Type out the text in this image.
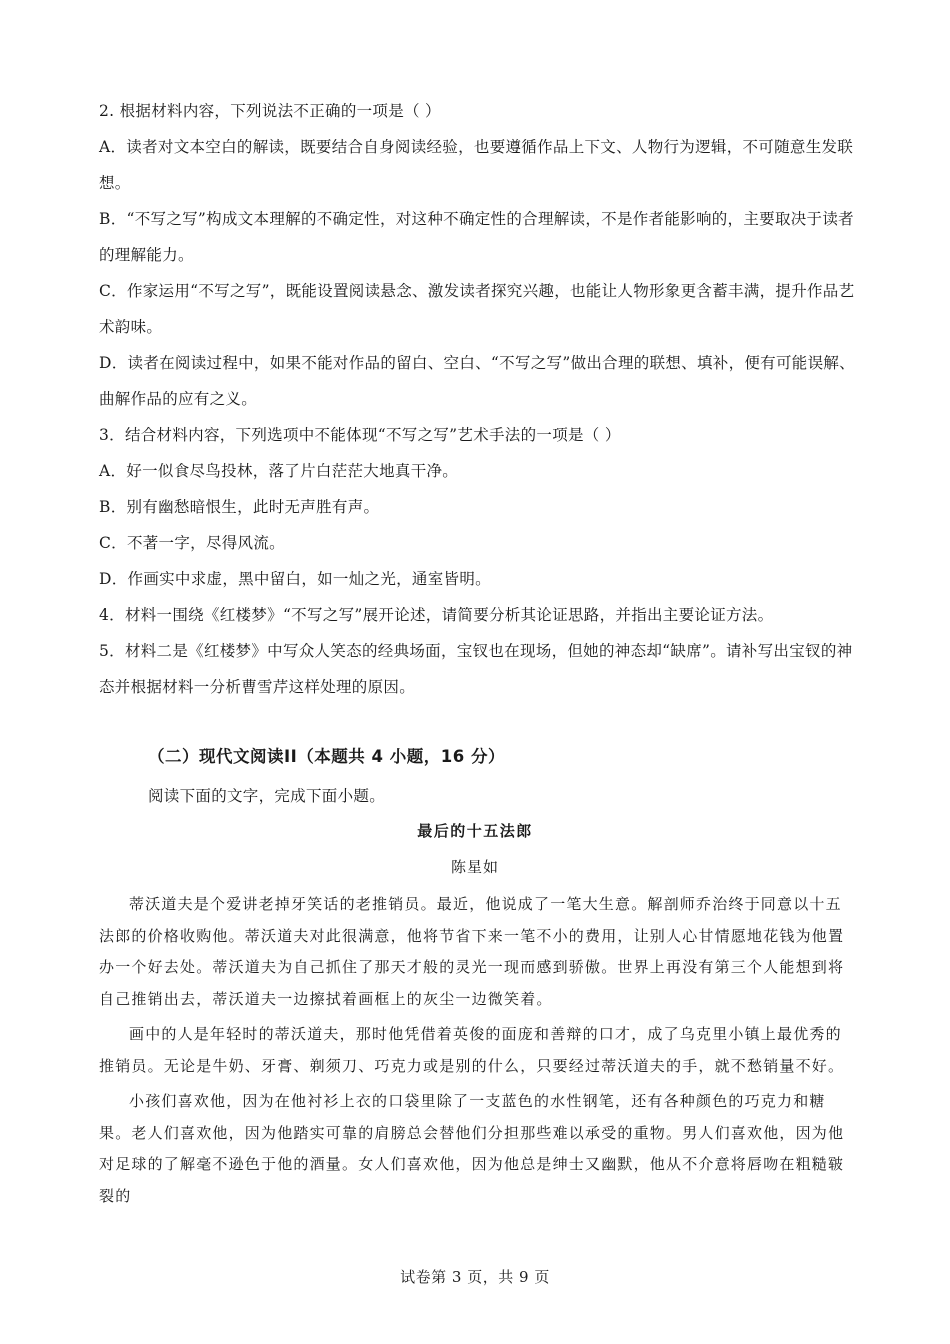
2. 根据材料内容，下列说法不正确的一项是（ ）

A．读者对文本空白的解读，既要结合自身阅读经验，也要遵循作品上下文、人物行为逻辑，不可随意生发联想。

B．“不写之写”构成文本理解的不确定性，对这种不确定性的合理解读，不是作者能影响的，主要取决于读者的理解能力。

C．作家运用“不写之写”，既能设置阅读悬念、激发读者探究兴趣，也能让人物形象更含蓄丰满，提升作品艺术韵味。

D．读者在阅读过程中，如果不能对作品的留白、空白、“不写之写”做出合理的联想、填补，便有可能误解、曲解作品的应有之义。

3．结合材料内容，下列选项中不能体现“不写之写”艺术手法的一项是（ ）

A．好一似食尽鸟投林，落了片白茫茫大地真干净。

B．别有幽愁暗恨生，此时无声胜有声。

C．不著一字，尽得风流。

D．作画实中求虚，黑中留白，如一灿之光，通室皆明。

4．材料一围绕《红楼梦》“不写之写”展开论述，请简要分析其论证思路，并指出主要论证方法。

5．材料二是《红楼梦》中写众人笑态的经典场面，宝钗也在现场，但她的神态却“缺席”。请补写出宝钗的神态并根据材料一分析曹雪芹这样处理的原因。

（二）现代文阅读II（本题共 4 小题，16 分）
阅读下面的文字，完成下面小题。
最后的十五法郎
陈星如

蒂沃道夫是个爱讲老掉牙笑话的老推销员。最近，他说成了一笔大生意。解剖师乔治终于同意以十五法郎的价格收购他。蒂沃道夫对此很满意，他将节省下来一笔不小的费用，让别人心甘情愿地花钱为他置办一个好去处。蒂沃道夫为自己抓住了那天才般的灵光一现而感到骄傲。世界上再没有第三个人能想到将自己推销出去，蒂沃道夫一边擦拭着画框上的灰尘一边微笑着。

画中的人是年轻时的蒂沃道夫，那时他凭借着英俊的面庞和善辩的口才，成了乌克里小镇上最优秀的推销员。无论是牛奶、牙膏、剃须刀、巧克力或是别的什么，只要经过蒂沃道夫的手，就不愁销量不好。

小孩们喜欢他，因为在他衬衫上衣的口袋里除了一支蓝色的水性钢笔，还有各种颜色的巧克力和糖果。老人们喜欢他，因为他踏实可靠的肩膀总会替他们分担那些难以承受的重物。男人们喜欢他，因为他对足球的了解毫不逊色于他的酒量。女人们喜欢他，因为他总是绅士又幽默，他从不介意将唇吻在粗糙皲裂的

试卷第 3 页，共 9 页
